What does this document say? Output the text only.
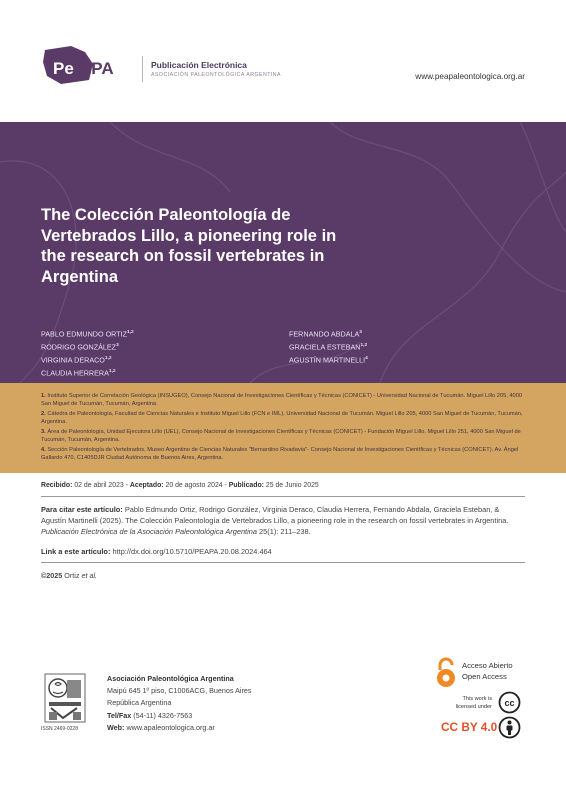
Pe APA	Publicación Electrónica
ASOCIACIÓN PALEONTOLÓGICA ARGENTINA	www.peapaleontologica.org.ar
The Colección Paleontología de Vertebrados Lillo, a pioneering role in the research on fossil vertebrates in Argentina
PABLO EDMUNDO ORTIZ$^{1,2}$
RODRIGO GONZÁLEZ$^3$
VIRGINIA DERACO$^{1,2}$
CLAUDIA HERRERA$^{1,2}$
FERNANDO ABDALA$^3$
GRACIELA ESTEBAN$^{1,2}$
AGUSTÍN MARTINELLI$^4$
1. Instituto Superior de Correlación Geológica (INSUGEO), Consejo Nacional de Investigaciones Científicas y Técnicas (CONICET) - Universidad Nacional de Tucumán. Miguel Lillo 205, 4000 San Miguel de Tucumán, Tucumán, Argentina.
2. Cátedra de Paleontología, Facultad de Ciencias Naturales e Instituto Miguel Lillo (FCN e IML), Universidad Nacional de Tucumán. Miguel Lillo 205, 4000 San Miguel de Tucumán, Tucumán, Argentina.
3. Área de Paleontología, Unidad Ejecutora Lillo (UEL), Consejo Nacional de Investigaciones Científicas y Técnicas (CONICET) - Fundación Miguel Lillo. Miguel Lillo 251, 4000 San Miguel de Tucumán, Tucumán, Argentina.
4. Sección Paleontología de Vertebrados, Museo Argentino de Ciencias Naturales "Bernardino Rivadavia"- Consejo Nacional de Investigaciones Científicas y Técnicas (CONICET). Av. Ángel Gallardo 470, C1405DJR Ciudad Autónoma de Buenos Aires, Argentina.
Recibido: 02 de abril 2023 - Aceptado: 20 de agosto 2024 - Publicado: 25 de Junio 2025
Para citar este artículo: Pablo Edmundo Ortiz, Rodrigo González, Virginia Deraco, Claudia Herrera, Fernando Abdala, Graciela Esteban, & Agustín Martinelli (2025). The Colección Paleontología de Vertebrados Lillo, a pioneering role in the research on fossil vertebrates in Argentina. Publicación Electrónica de la Asociación Paleontológica Argentina 25(1): 211–238.
Link a este artículo: http://dx.doi.org/10.5710/PEAPA.20.08.2024.464
©2025 Ortiz et al.
ISSN 2469-0228
Asociación Paleontológica Argentina
Maipú 645 1º piso, C1006ACG, Buenos Aires
República Argentina
Tel/Fax (54-11) 4326-7563
Web: www.apaleontologica.org.ar
Acceso Abierto
Open Access
This work is
licensed under cc
CC BY 4.0
